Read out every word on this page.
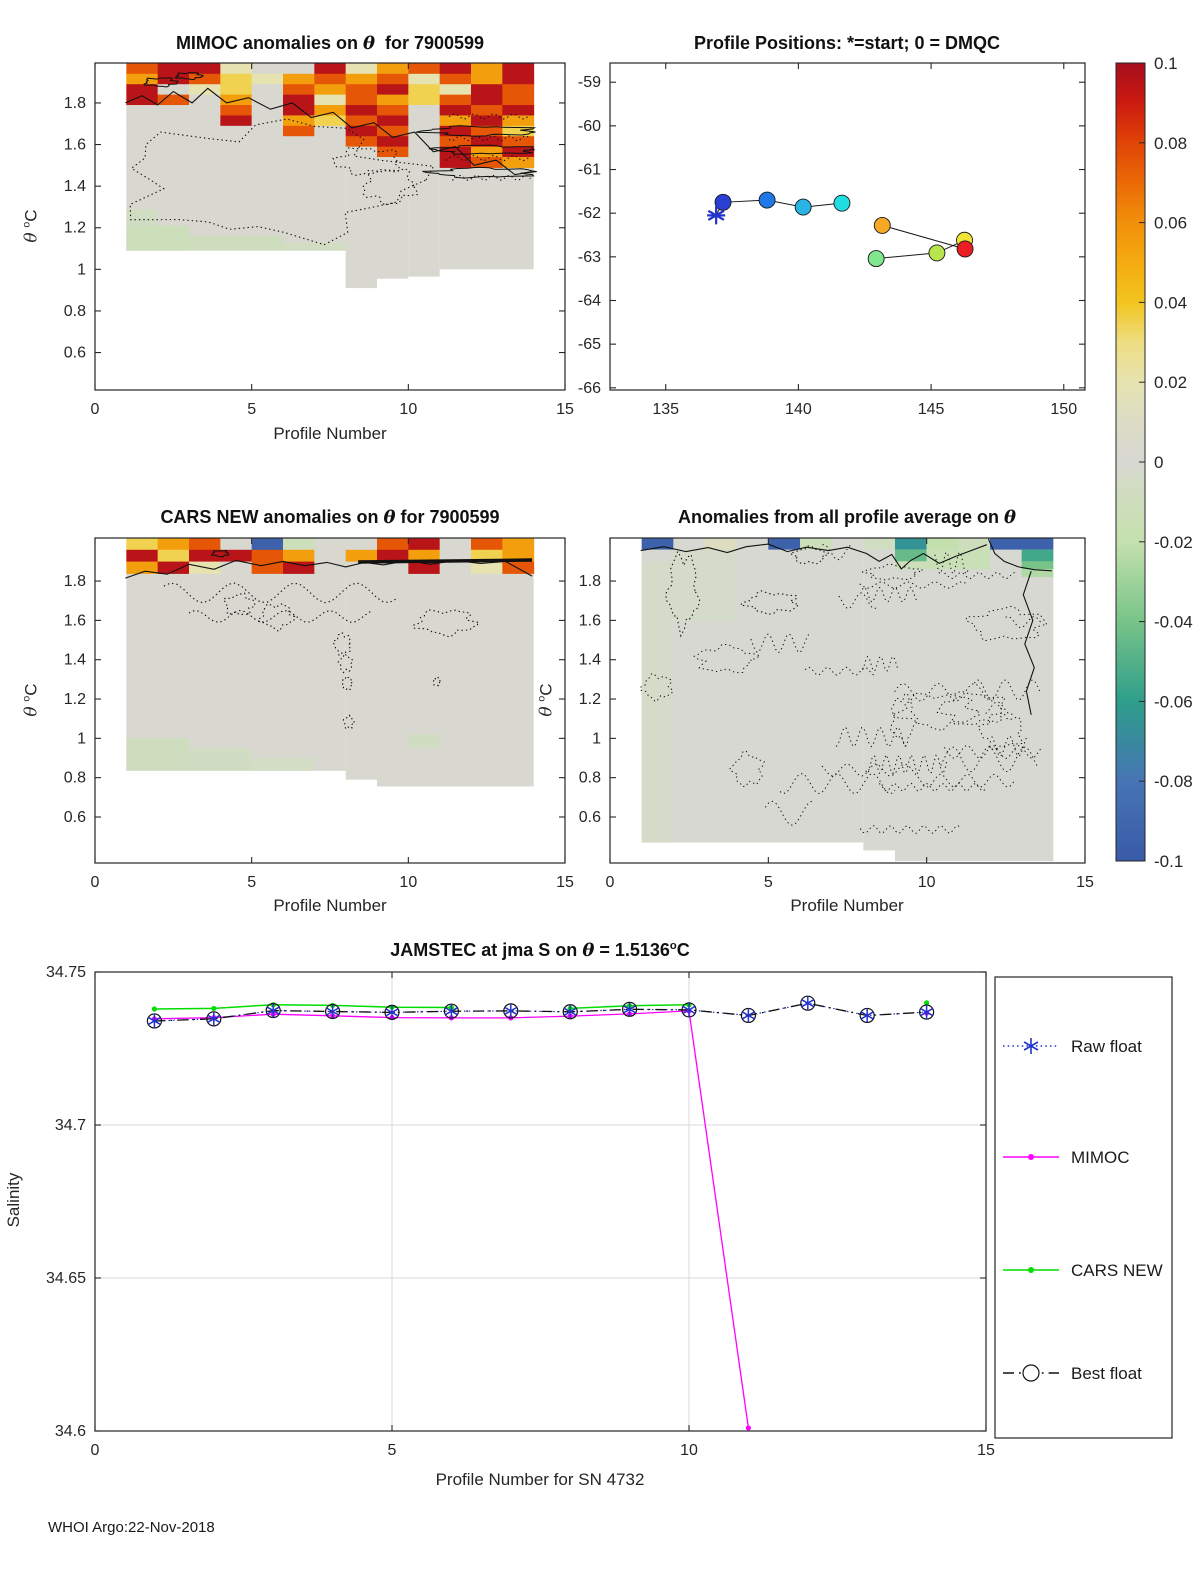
0	5	10	15
1.8
1.6
1.4
1.2
1
0.8
0.6
0	5	10	15
1.8
1.6
1.4
1.2
1
0.8
0.6
0	5	10	15
1.8
1.6
1.4
1.2
1
0.8
0.6
135	140	145	150
-59
-60
-61
-62
-63
-64
-65
-66
0	5	10	15
34.75
34.7
34.65
34.6
Raw float
MIMOC
CARS NEW
Best float
0.1
0.08
0.06
0.04
0.02
0
-0.02
-0.04
-0.06
-0.08
-0.1
MIMOC anomalies on θ  for 7900599	Profile Positions: *=start; 0 = DMQC
CARS NEW anomalies on θ for 7900599	Anomalies from all profile average on θ
JAMSTEC at jma S on $\theta = 1.5136^oC$
Profile Number
Profile Number	Profile Number
Profile Number for SN 4732
θ $^o$C
θ $^o$C
θ $^o$C
Salinity
WHOI Argo:22-Nov-2018
